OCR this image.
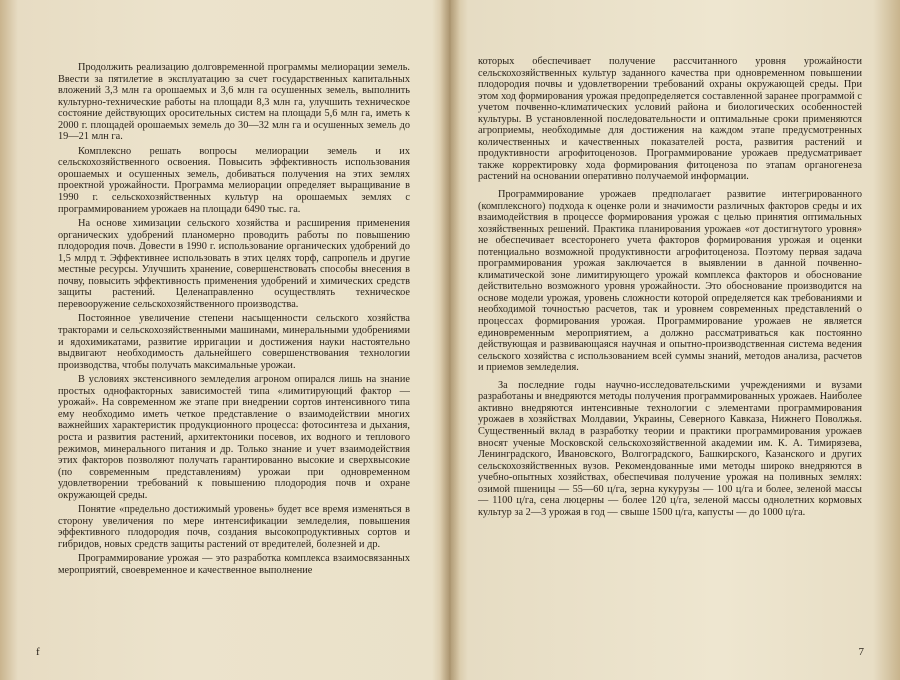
Продолжить реализацию долговременной программы мелиорации земель. Ввести за пятилетие в эксплуатацию за счет государственных капитальных вложений 3,3 млн га орошаемых и 3,6 млн га осушенных земель, выполнить культурно-технические работы на площади 8,3 млн га, улучшить техническое состояние действующих оросительных систем на площади 5,6 млн га, иметь к 2000 г. площадей орошаемых земель до 30—32 млн га и осушенных земель до 19—21 млн га.

Комплексно решать вопросы мелиорации земель и их сельскохозяйственного освоения. Повысить эффективность использования орошаемых и осушенных земель, добиваться получения на этих землях проектной урожайности. Программа мелиорации определяет выращивание в 1990 г. сельскохозяйственных культур на орошаемых землях с программированием урожаев на площади 6490 тыс. га.

На основе химизации сельского хозяйства и расширения применения органических удобрений планомерно проводить работы по повышению плодородия почв. Довести в 1990 г. использование органических удобрений до 1,5 млрд т. Эффективнее использовать в этих целях торф, сапропель и другие местные ресурсы. Улучшить хранение, совершенствовать способы внесения в почву, повысить эффективность применения удобрений и химических средств защиты растений. Целенаправленно осуществлять техническое перевооружение сельскохозяйственного производства.

Постоянное увеличение степени насыщенности сельского хозяйства тракторами и сельскохозяйственными машинами, минеральными удобрениями и ядохимикатами, развитие ирригации и достижения науки настоятельно выдвигают необходимость дальнейшего совершенствования технологии производства, чтобы получать максимальные урожаи.

В условиях экстенсивного земледелия агроном опирался лишь на знание простых однофакторных зависимостей типа «лимитирующий фактор — урожай». На современном же этапе при внедрении сортов интенсивного типа ему необходимо иметь четкое представление о взаимодействии многих важнейших характеристик продукционного процесса: фотосинтеза и дыхания, роста и развития растений, архитектоники посевов, их водного и теплового режимов, минерального питания и др. Только знание и учет взаимодействия этих факторов позволяют получать гарантированно высокие и сверхвысокие (по современным представлениям) урожаи при одновременном удовлетворении требований к повышению плодородия почв и охране окружающей среды.

Понятие «предельно достижимый уровень» будет все время изменяться в сторону увеличения по мере интенсификации земледелия, повышения эффективного плодородия почв, создания высокопродуктивных сортов и гибридов, новых средств защиты растений от вредителей, болезней и др.

Программирование урожая — это разработка комплекса взаимосвязанных мероприятий, своевременное и качественное выполнение

f

которых обеспечивает получение рассчитанного уровня урожайности сельскохозяйственных культур заданного качества при одновременном повышении плодородия почвы и удовлетворении требований охраны окружающей среды. При этом ход формирования урожая предопределяется составленной заранее программой с учетом почвенно-климатических условий района и биологических особенностей культуры. В установленной последовательности и оптимальные сроки применяются агроприемы, необходимые для достижения на каждом этапе предусмотренных количественных и качественных показателей роста, развития растений и продуктивности агрофитоценозов. Программирование урожаев предусматривает также корректировку хода формирования фитоценоза по этапам органогенеза растений на основании оперативно получаемой информации.

Программирование урожаев предполагает развитие интегрированного (комплексного) подхода к оценке роли и значимости различных факторов среды и их взаимодействия в процессе формирования урожая с целью принятия оптимальных хозяйственных решений. Практика планирования урожаев «от достигнутого уровня» не обеспечивает всесторонего учета факторов формирования урожая и оценки потенциально возможной продуктивности агрофитоценоза. Поэтому первая задача программирования урожая заключается в выявлении в данной почвенно-климатической зоне лимитирующего урожай комплекса факторов и обоснование действительно возможного уровня урожайности. Это обоснование производится на основе модели урожая, уровень сложности которой определяется как требованиями и необходимой точностью расчетов, так и уровнем современных представлений о процессах формирования урожая. Программирование урожаев не является единовременным мероприятием, а должно рассматриваться как постоянно действующая и развивающаяся научная и опытно-производственная система ведения сельского хозяйства с использованием всей суммы знаний, методов анализа, расчетов и приемов земледелия.

За последние годы научно-исследовательскими учреждениями и вузами разработаны и внедряются методы получения программированных урожаев. Наиболее активно внедряются интенсивные технологии с элементами программирования урожаев в хозяйствах Молдавии, Украины, Северного Кавказа, Нижнего Поволжья. Существенный вклад в разработку теории и практики программирования урожаев вносят ученые Московской сельскохозяйственной академии им. К. А. Тимирязева, Ленинградского, Ивановского, Волгоградского, Башкирского, Казанского и других сельскохозяйственных вузов. Рекомендованные ими методы широко внедряются в учебно-опытных хозяйствах, обеспечивая получение урожая на поливных землях: озимой пшеницы — 55—60 ц/га, зерна кукурузы — 100 ц/га и более, зеленой массы — 1100 ц/га, сена люцерны — более 120 ц/га, зеленой массы однолетних кормовых культур за 2—3 урожая в год — свыше 1500 ц/га, капусты — до 1000 ц/га.

7
